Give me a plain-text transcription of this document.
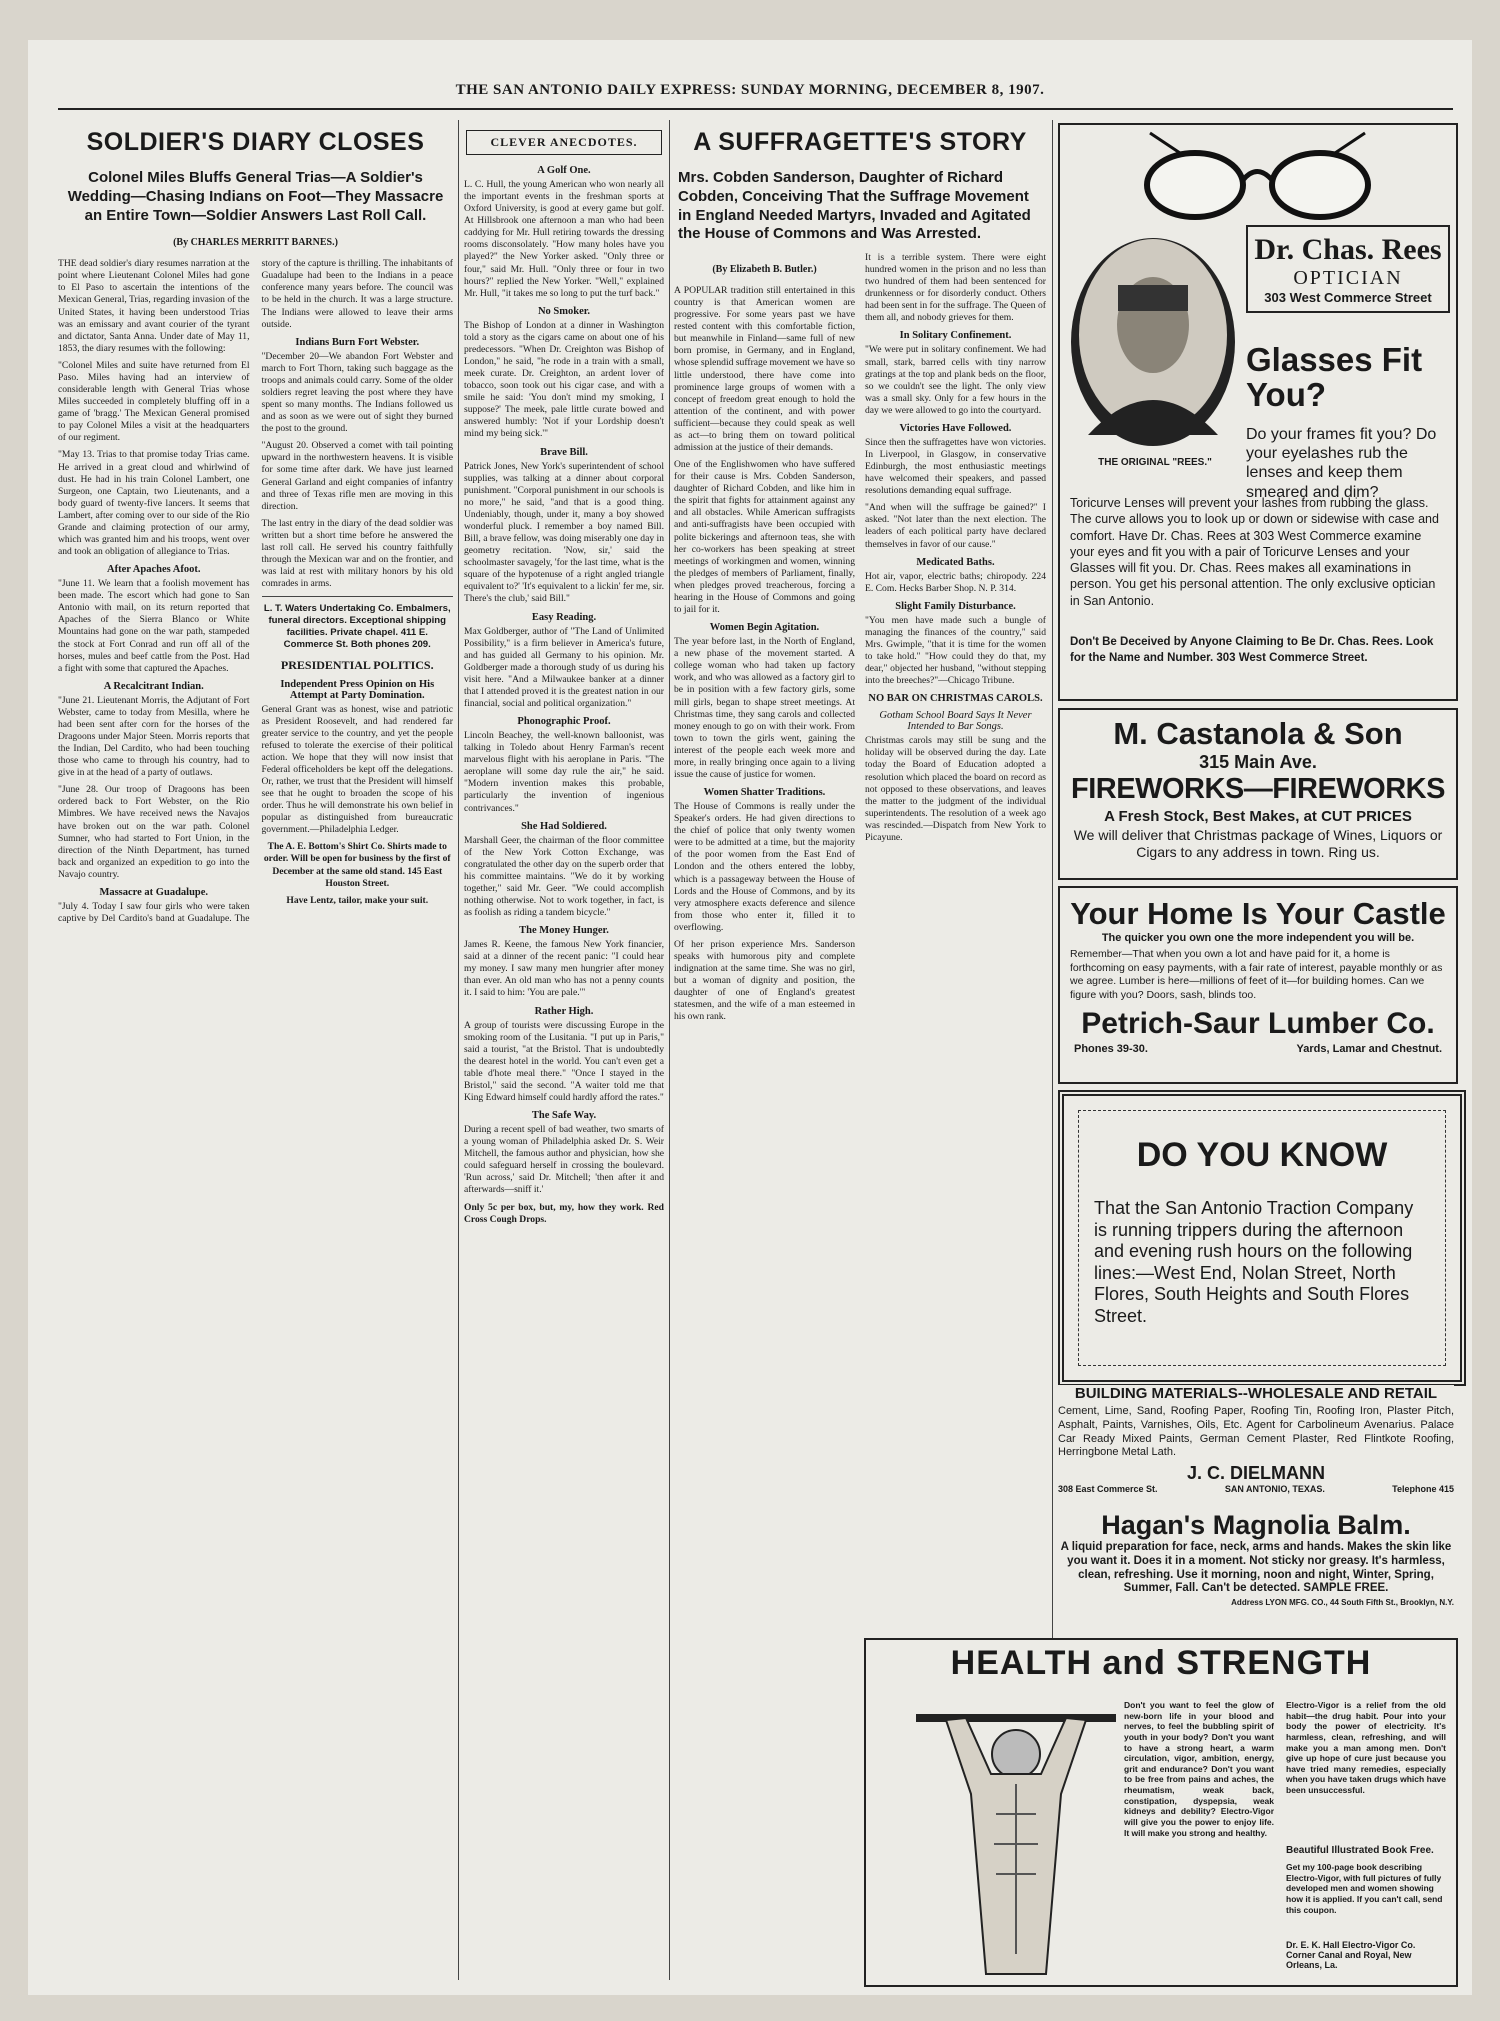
THE SAN ANTONIO DAILY EXPRESS: SUNDAY MORNING, DECEMBER 8, 1907.
SOLDIER'S DIARY CLOSES
Colonel Miles Bluffs General Trias—A Soldier's Wedding—Chasing Indians on Foot—They Massacre an Entire Town—Soldier Answers Last Roll Call.
(By CHARLES MERRITT BARNES.)

THE dead soldier's diary resumes narration at the point where Lieutenant Colonel Miles had gone to El Paso to ascertain the intentions of the Mexican General, Trias, regarding invasion of the United States, it having been understood Trias was an emissary and avant courier of the tyrant and dictator, Santa Anna. Under date of May 11, 1853, the diary resumes with the following:

"Colonel Miles and suite have returned from El Paso. Miles having had an interview of considerable length with General Trias whose Miles succeeded in completely bluffing off in a game of 'bragg.' The Mexican General promised to pay Colonel Miles a visit at the headquarters of our regiment.

"May 13. Trias to that promise today Trias came. He arrived in a great cloud and whirlwind of dust. He had in his train Colonel Lambert, one Surgeon, one Captain, two Lieutenants, and a body guard of twenty-five lancers. It seems that Lambert, after coming over to our side of the Rio Grande and claiming protection of our army, which was granted him and his troops, went over and took an obligation of allegiance to Trias.

After Apaches Afoot.

"June 11. We learn that a foolish movement has been made. The escort which had gone to San Antonio with mail, on its return reported that Apaches of the Sierra Blanco or White Mountains had gone on the war path, stampeded the stock at Fort Conrad and run off all of the horses, mules and beef cattle from the Post. Had a fight with some that captured the Apaches.

A Recalcitrant Indian.

"June 21. Lieutenant Morris, the Adjutant of Fort Webster, came to today from Mesilla, where he had been sent after corn for the horses of the Dragoons under Major Steen. Morris reports that the Indian, Del Cardito, who had been touching those who came to through his country, had to give in at the head of a party of outlaws.

"June 28. Our troop of Dragoons has been ordered back to Fort Webster, on the Rio Mimbres. We have received news the Navajos have broken out on the war path. Colonel Sumner, who had started to Fort Union, in the direction of the Ninth Department, has turned back and organized an expedition to go into the Navajo country.

Massacre at Guadalupe.

"July 4. Today I saw four girls who were taken captive by Del Cardito's band at Guadalupe. The story of the capture is thrilling. The inhabitants of Guadalupe had been to the Indians in a peace conference many years before. The council was to be held in the church. It was a large structure. The Indians were allowed to leave their arms outside.

Indians Burn Fort Webster.

"December 20—We abandon Fort Webster and march to Fort Thorn, taking such baggage as the troops and animals could carry. Some of the older soldiers regret leaving the post where they have spent so many months. The Indians followed us and as soon as we were out of sight they burned the post to the ground.

"August 20. Observed a comet with tail pointing upward in the northwestern heavens. It is visible for some time after dark. We have just learned General Garland and eight companies of infantry and three of Texas rifle men are moving in this direction.

The last entry in the diary of the dead soldier was written but a short time before he answered the last roll call. He served his country faithfully through the Mexican war and on the frontier, and was laid at rest with military honors by his old comrades in arms.

L. T. Waters Undertaking Co. Embalmers, funeral directors. Exceptional shipping facilities. Private chapel. 411 E. Commerce St. Both phones 209.

PRESIDENTIAL POLITICS.
Independent Press Opinion on His Attempt at Party Domination.

General Grant was as honest, wise and patriotic as President Roosevelt, and had rendered far greater service to the country, and yet the people refused to tolerate the exercise of their political action. We hope that they will now insist that Federal officeholders be kept off the delegations. Or, rather, we trust that the President will himself see that he ought to broaden the scope of his order. Thus he will demonstrate his own belief in popular as distinguished from bureaucratic government.—Philadelphia Ledger.

The A. E. Bottom's Shirt Co. Shirts made to order. Will be open for business by the first of December at the same old stand. 145 East Houston Street.

Have Lentz, tailor, make your suit.

CLEVER ANECDOTES.
A Golf One.

L. C. Hull, the young American who won nearly all the important events in the freshman sports at Oxford University, is good at every game but golf. At Hillsbrook one afternoon a man who had been caddying for Mr. Hull retiring towards the dressing rooms disconsolately. "How many holes have you played?" the New Yorker asked. "Only three or four," said Mr. Hull. "Only three or four in two hours?" replied the New Yorker. "Well," explained Mr. Hull, "it takes me so long to put the turf back."

No Smoker.

The Bishop of London at a dinner in Washington told a story as the cigars came on about one of his predecessors. "When Dr. Creighton was Bishop of London," he said, "he rode in a train with a small, meek curate. Dr. Creighton, an ardent lover of tobacco, soon took out his cigar case, and with a smile he said: 'You don't mind my smoking, I suppose?' The meek, pale little curate bowed and answered humbly: 'Not if your Lordship doesn't mind my being sick.'"

Brave Bill.

Patrick Jones, New York's superintendent of school supplies, was talking at a dinner about corporal punishment. "Corporal punishment in our schools is no more," he said, "and that is a good thing. Undeniably, though, under it, many a boy showed wonderful pluck. I remember a boy named Bill. Bill, a brave fellow, was doing miserably one day in geometry recitation. 'Now, sir,' said the schoolmaster savagely, 'for the last time, what is the square of the hypotenuse of a right angled triangle equivalent to?' 'It's equivalent to a lickin' fer me, sir. There's the club,' said Bill."

Easy Reading.

Max Goldberger, author of "The Land of Unlimited Possibility," is a firm believer in America's future, and has guided all Germany to his opinion. Mr. Goldberger made a thorough study of us during his visit here. "And a Milwaukee banker at a dinner that I attended proved it is the greatest nation in our financial, social and political organization."

Phonographic Proof.

Lincoln Beachey, the well-known balloonist, was talking in Toledo about Henry Farman's recent marvelous flight with his aeroplane in Paris. "The aeroplane will some day rule the air," he said. "Modern invention makes this probable, particularly the invention of ingenious contrivances."

She Had Soldiered.

Marshall Geer, the chairman of the floor committee of the New York Cotton Exchange, was congratulated the other day on the superb order that his committee maintains. "We do it by working together," said Mr. Geer. "We could accomplish nothing otherwise. Not to work together, in fact, is as foolish as riding a tandem bicycle."

The Money Hunger.

James R. Keene, the famous New York financier, said at a dinner of the recent panic: "I could hear my money. I saw many men hungrier after money than ever. An old man who has not a penny counts it. I said to him: 'You are pale.'"

Rather High.

A group of tourists were discussing Europe in the smoking room of the Lusitania. "I put up in Paris," said a tourist, "at the Bristol. That is undoubtedly the dearest hotel in the world. You can't even get a table d'hote meal there." "Once I stayed in the Bristol," said the second. "A waiter told me that King Edward himself could hardly afford the rates."

The Safe Way.

During a recent spell of bad weather, two smarts of a young woman of Philadelphia asked Dr. S. Weir Mitchell, the famous author and physician, how she could safeguard herself in crossing the boulevard. 'Run across,' said Dr. Mitchell; 'then after it and afterwards—sniff it.'

Only 5c per box, but, my, how they work. Red Cross Cough Drops.

A SUFFRAGETTE'S STORY
Mrs. Cobden Sanderson, Daughter of Richard Cobden, Conceiving That the Suffrage Movement in England Needed Martyrs, Invaded and Agitated the House of Commons and Was Arrested.
(By Elizabeth B. Butler.)

A POPULAR tradition still entertained in this country is that American women are progressive. For some years past we have rested content with this comfortable fiction, but meanwhile in Finland—same full of new born promise, in Germany, and in England, whose splendid suffrage movement we have so little understood, there have come into prominence large groups of women with a concept of freedom great enough to hold the attention of the continent, and with power sufficient—because they could speak as well as act—to bring them on toward political admission at the justice of their demands.

One of the Englishwomen who have suffered for their cause is Mrs. Cobden Sanderson, daughter of Richard Cobden, and like him in the spirit that fights for attainment against any and all obstacles. While American suffragists and anti-suffragists have been occupied with polite bickerings and afternoon teas, she with her co-workers has been speaking at street meetings of workingmen and women, winning the pledges of members of Parliament, finally, when pledges proved treacherous, forcing a hearing in the House of Commons and going to jail for it.

Women Begin Agitation.

The year before last, in the North of England, a new phase of the movement started. A college woman who had taken up factory work, and who was allowed as a factory girl to be in position with a few factory girls, some mill girls, began to shape street meetings. At Christmas time, they sang carols and collected money enough to go on with their work. From town to town the girls went, gaining the interest of the people each week more and more, in really bringing once again to a living issue the cause of justice for women.

Women Shatter Traditions.

The House of Commons is really under the Speaker's orders. He had given directions to the chief of police that only twenty women were to be admitted at a time, but the majority of the poor women from the East End of London and the others entered the lobby, which is a passageway between the House of Lords and the House of Commons, and by its very atmosphere exacts deference and silence from those who enter it, filled it to overflowing.

Of her prison experience Mrs. Sanderson speaks with humorous pity and complete indignation at the same time. She was no girl, but a woman of dignity and position, the daughter of one of England's greatest statesmen, and the wife of a man esteemed in his own rank.

It is a terrible system. There were eight hundred women in the prison and no less than two hundred of them had been sentenced for drunkenness or for disorderly conduct. Others had been sent in for the suffrage. The Queen of them all, and nobody grieves for them.

In Solitary Confinement.

"We were put in solitary confinement. We had small, stark, barred cells with tiny narrow gratings at the top and plank beds on the floor, so we couldn't see the light. The only view was a small sky. Only for a few hours in the day we were allowed to go into the courtyard.

Victories Have Followed.

Since then the suffragettes have won victories. In Liverpool, in Glasgow, in conservative Edinburgh, the most enthusiastic meetings have welcomed their speakers, and passed resolutions demanding equal suffrage.

"And when will the suffrage be gained?" I asked. "Not later than the next election. The leaders of each political party have declared themselves in favor of our cause."

Medicated Baths.

Hot air, vapor, electric baths; chiropody. 224 E. Com. Hecks Barber Shop. N. P. 314.

Slight Family Disturbance.

"You men have made such a bungle of managing the finances of the country," said Mrs. Gwimple, "that it is time for the women to take hold." "How could they do that, my dear," objected her husband, "without stepping into the breeches?"—Chicago Tribune.

NO BAR ON CHRISTMAS CAROLS.
Gotham School Board Says It Never Intended to Bar Songs.

Christmas carols may still be sung and the holiday will be observed during the day. Late today the Board of Education adopted a resolution which placed the board on record as not opposed to these observations, and leaves the matter to the judgment of the individual superintendents. The resolution of a week ago was rescinded.—Dispatch from New York to Picayune.

Dr. Chas. Rees
OPTICIAN
303 West Commerce Street
Glasses Fit You?
Do your frames fit you? Do your eyelashes rub the lenses and keep them smeared and dim?
THE ORIGINAL "REES."
Toricurve Lenses will prevent your lashes from rubbing the glass. The curve allows you to look up or down or sidewise with case and comfort. Have Dr. Chas. Rees at 303 West Commerce examine your eyes and fit you with a pair of Toricurve Lenses and your Glasses will fit you. Dr. Chas. Rees makes all examinations in person. You get his personal attention. The only exclusive optician in San Antonio.
Don't Be Deceived by Anyone Claiming to Be Dr. Chas. Rees. Look for the Name and Number. 303 West Commerce Street.
M. Castanola & Son
315 Main Ave.
FIREWORKS—FIREWORKS
A Fresh Stock, Best Makes, at CUT PRICES
We will deliver that Christmas package of Wines, Liquors or Cigars to any address in town. Ring us.
Your Home Is Your Castle
The quicker you own one the more independent you will be.
Remember—That when you own a lot and have paid for it, a home is forthcoming on easy payments, with a fair rate of interest, payable monthly or as we agree. Lumber is here—millions of feet of it—for building homes. Can we figure with you? Doors, sash, blinds too.
Petrich-Saur Lumber Co.
Phones 39-30.	Yards, Lamar and Chestnut.
DO YOU KNOW
That the San Antonio Traction Company is running trippers during the afternoon and evening rush hours on the following lines:—West End, Nolan Street, North Flores, South Heights and South Flores Street.
BUILDING MATERIALS--WHOLESALE AND RETAIL
Cement, Lime, Sand, Roofing Paper, Roofing Tin, Roofing Iron, Plaster Pitch, Asphalt, Paints, Varnishes, Oils, Etc. Agent for Carbolineum Avenarius. Palace Car Ready Mixed Paints, German Cement Plaster, Red Flintkote Roofing, Herringbone Metal Lath.
J. C. DIELMANN
308 East Commerce St.	SAN ANTONIO, TEXAS.	Telephone 415
Hagan's Magnolia Balm.
A liquid preparation for face, neck, arms and hands. Makes the skin like you want it. Does it in a moment. Not sticky nor greasy. It's harmless, clean, refreshing. Use it morning, noon and night, Winter, Spring, Summer, Fall. Can't be detected. SAMPLE FREE.
Address LYON MFG. CO., 44 South Fifth St., Brooklyn, N.Y.
HEALTH and STRENGTH
Don't you want to feel the glow of new-born life in your blood and nerves, to feel the bubbling spirit of youth in your body? Don't you want to have a strong heart, a warm circulation, vigor, ambition, energy, grit and endurance? Don't you want to be free from pains and aches, the rheumatism, weak back, constipation, dyspepsia, weak kidneys and debility? Electro-Vigor will give you the power to enjoy life. It will make you strong and healthy.
Electro-Vigor is a relief from the old habit—the drug habit. Pour into your body the power of electricity. It's harmless, clean, refreshing, and will make you a man among men. Don't give up hope of cure just because you have tried many remedies, especially when you have taken drugs which have been unsuccessful.
Beautiful Illustrated Book Free.
Get my 100-page book describing Electro-Vigor, with full pictures of fully developed men and women showing how it is applied. If you can't call, send this coupon.
Dr. E. K. Hall Electro-Vigor Co. Corner Canal and Royal, New Orleans, La.
